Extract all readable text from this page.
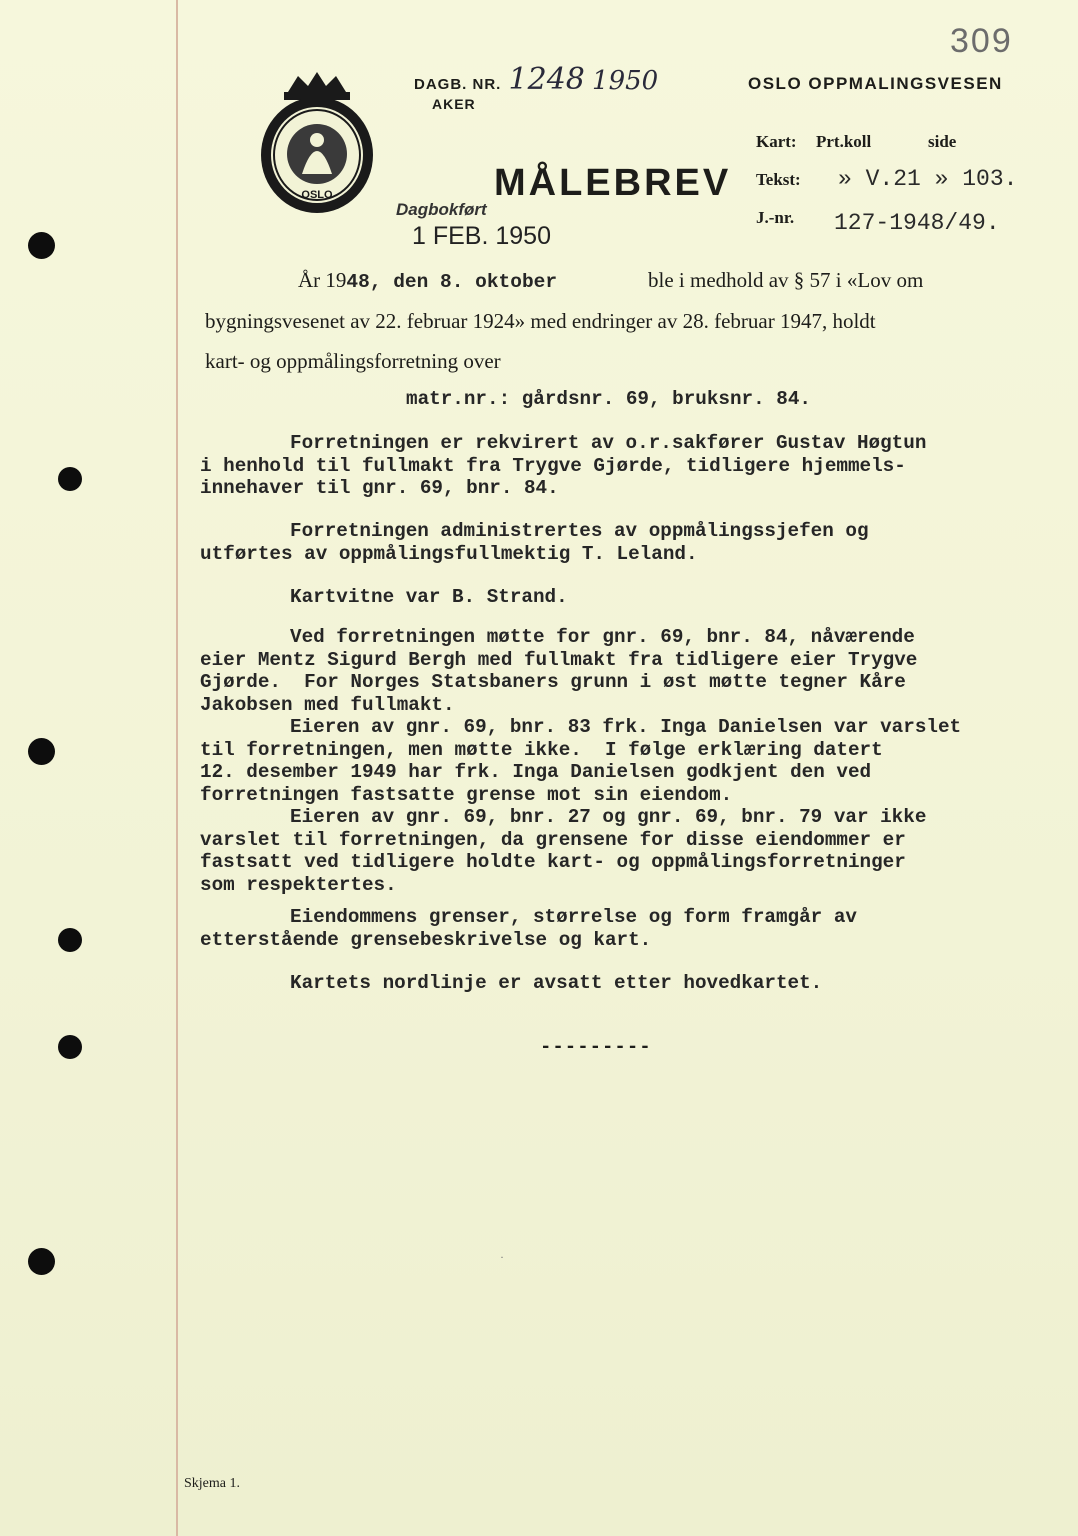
309
OSLO
DAGB. NR. 1248 1950
AKER
OSLO OPPMALINGSVESEN
MÅLEBREV
Dagbokført
1 FEB. 1950
Kart: Prt.koll	side
Tekst: » V.21 » 103.
J.-nr. 127-1948/49.
År 1948, den 8. oktober	ble i medhold av § 57 i «Lov om
bygningsvesenet av 22. februar 1924» med endringer av 28. februar 1947, holdt
kart- og oppmålingsforretning over
matr.nr.: gårdsnr. 69, bruksnr. 84.
Forretningen er rekvirert av o.r.sakfører Gustav Høgtun
i henhold til fullmakt fra Trygve Gjørde, tidligere hjemmels-
innehaver til gnr. 69, bnr. 84.
Forretningen administrertes av oppmålingssjefen og
utførtes av oppmålingsfullmektig T. Leland.
Kartvitne var B. Strand.
Ved forretningen møtte for gnr. 69, bnr. 84, nåværende
eier Mentz Sigurd Bergh med fullmakt fra tidligere eier Trygve
Gjørde.  For Norges Statsbaners grunn i øst møtte tegner Kåre
Jakobsen med fullmakt.
Eieren av gnr. 69, bnr. 83 frk. Inga Danielsen var varslet
til forretningen, men møtte ikke.  I følge erklæring datert
12. desember 1949 har frk. Inga Danielsen godkjent den ved
forretningen fastsatte grense mot sin eiendom.
Eieren av gnr. 69, bnr. 27 og gnr. 69, bnr. 79 var ikke
varslet til forretningen, da grensene for disse eiendommer er
fastsatt ved tidligere holdte kart- og oppmålingsforretninger
som respektertes.
Eiendommens grenser, størrelse og form framgår av
etterstående grensebeskrivelse og kart.
Kartets nordlinje er avsatt etter hovedkartet.
---------
·
Skjema 1.
